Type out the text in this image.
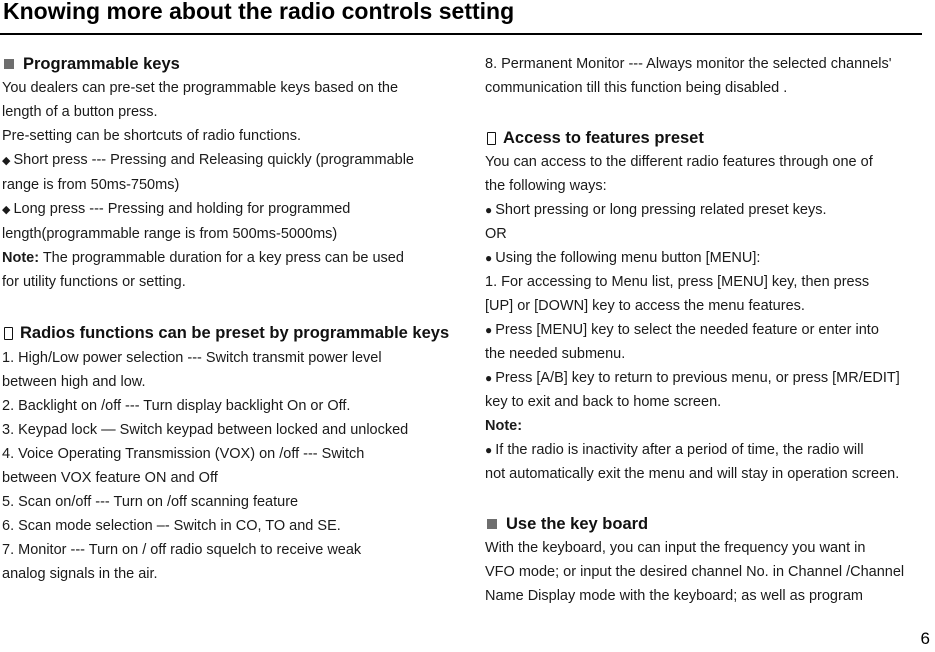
Knowing more about the radio controls setting

Programmable keys

You dealers can pre-set the programmable keys based on the

length of a button press.

Pre-setting can be shortcuts of radio functions.

◆ Short press --- Pressing and Releasing quickly (programmable

range is from 50ms-750ms)

◆ Long press --- Pressing and holding for programmed

length(programmable range is from 500ms-5000ms)

Note: The programmable duration for a key press can be used

for utility functions or setting.

Radios functions can be preset by programmable keys

1. High/Low power selection --- Switch transmit power level

between high and low.

2. Backlight on /off --- Turn display backlight On or Off.

3. Keypad lock — Switch keypad between locked and unlocked

4. Voice Operating Transmission (VOX) on /off --- Switch

between VOX feature ON and Off

5. Scan on/off --- Turn on /off scanning feature

6. Scan mode selection –- Switch in CO, TO and SE.

7. Monitor --- Turn on / off radio squelch to receive weak

analog signals in the air.

8. Permanent Monitor --- Always monitor the selected channels'

communication till this function being disabled .

Access to features preset

You can access to the different radio features through one of

the following ways:

● Short pressing or long pressing related preset keys.

OR

● Using the following menu button [MENU]:

1. For accessing to Menu list, press [MENU] key, then press

[UP] or [DOWN] key to access the menu features.

● Press [MENU] key to select the needed feature or enter into

the needed submenu.

● Press [A/B] key to return to previous menu, or press [MR/EDIT]

key to exit and back to home screen.

Note:

● If the radio is inactivity after a period of time, the radio will

not automatically exit the menu and will stay in operation screen.

Use the key board

With the keyboard, you can input the frequency you want in

VFO mode; or input the desired channel No. in Channel /Channel

Name Display mode with the keyboard; as well as program

6
